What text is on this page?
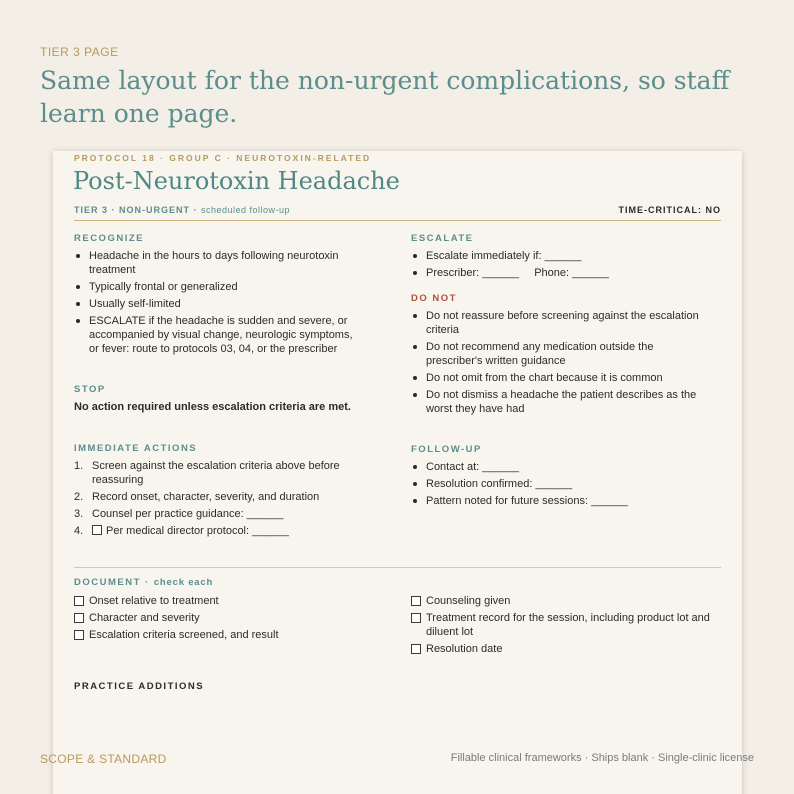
TIER 3 PAGE
Same layout for the non-urgent complications, so staff learn one page.
PROTOCOL 18 · GROUP C · NEUROTOXIN-RELATED
Post-Neurotoxin Headache
TIER 3 · NON-URGENT · scheduled follow-up	TIME-CRITICAL: NO
RECOGNIZE
Headache in the hours to days following neurotoxin treatment
Typically frontal or generalized
Usually self-limited
ESCALATE if the headache is sudden and severe, or accompanied by visual change, neurologic symptoms, or fever: route to protocols 03, 04, or the prescriber
STOP
No action required unless escalation criteria are met.
IMMEDIATE ACTIONS
1. Screen against the escalation criteria above before reassuring
2. Record onset, character, severity, and duration
3. Counsel per practice guidance: ______
4. Per medical director protocol: ______
ESCALATE
Escalate immediately if: ______
Prescriber: ______     Phone: ______
DO NOT
Do not reassure before screening against the escalation criteria
Do not recommend any medication outside the prescriber's written guidance
Do not omit from the chart because it is common
Do not dismiss a headache the patient describes as the worst they have had
FOLLOW-UP
Contact at: ______
Resolution confirmed: ______
Pattern noted for future sessions: ______
DOCUMENT · check each
Onset relative to treatment
Character and severity
Escalation criteria screened, and result
Counseling given
Treatment record for the session, including product lot and diluent lot
Resolution date
PRACTICE ADDITIONS
SCOPE & STANDARD	Fillable clinical frameworks · Ships blank · Single-clinic license
